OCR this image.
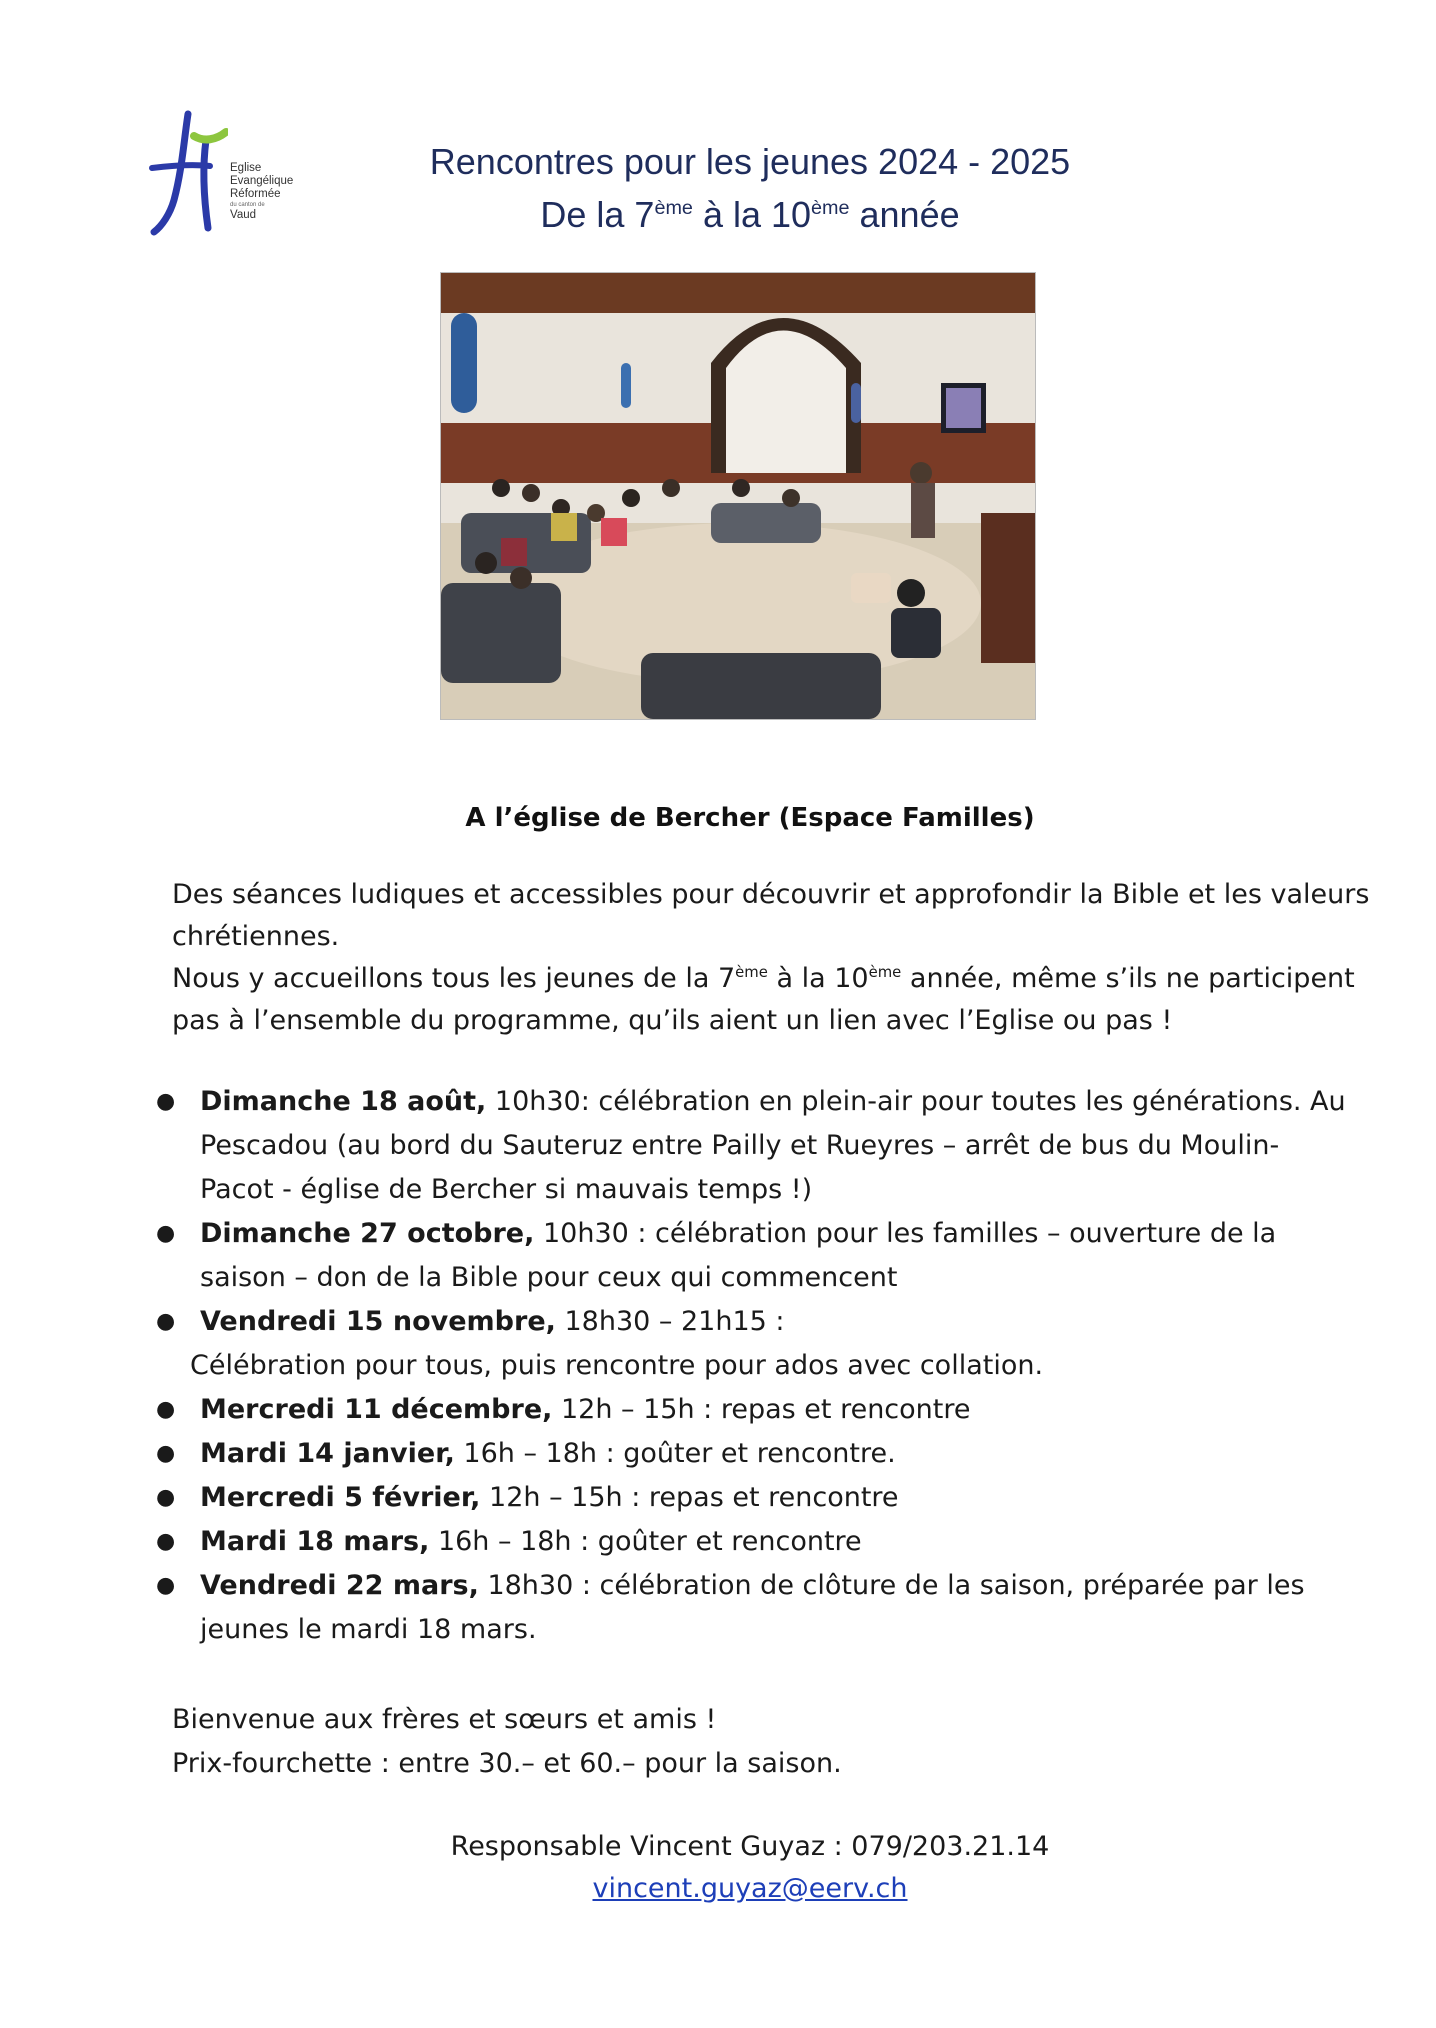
Eglise
Evangélique
Réformée

du canton de
Vaud
Rencontres pour les jeunes 2024 - 2025
De la 7ème à la 10ème année
A l’église de Bercher (Espace Familles)

Des séances ludiques et accessibles pour découvrir et approfondir la Bible et les valeurs chrétiennes.

Nous y accueillons tous les jeunes de la 7ème à la 10ème année, même s’ils ne participent pas à l’ensemble du programme, qu’ils aient un lien avec l’Eglise ou pas !

● Dimanche 18 août, 10h30: célébration en plein-air pour toutes les générations. Au Pescadou (au bord du Sauteruz entre Pailly et Rueyres – arrêt de bus du Moulin-Pacot - église de Bercher si mauvais temps !)
● Dimanche 27 octobre, 10h30 : célébration pour les familles – ouverture de la saison – don de la Bible pour ceux qui commencent
● Vendredi 15 novembre, 18h30 – 21h15 :
Célébration pour tous, puis rencontre pour ados avec collation.
● Mercredi 11 décembre, 12h – 15h : repas et rencontre
● Mardi 14 janvier, 16h – 18h : goûter et rencontre.
● Mercredi 5 février, 12h – 15h : repas et rencontre
● Mardi 18 mars, 16h – 18h : goûter et rencontre
● Vendredi 22 mars, 18h30 : célébration de clôture de la saison, préparée par les jeunes le mardi 18 mars.

Bienvenue aux frères et sœurs et amis !

Prix-fourchette : entre 30.– et 60.– pour la saison.

Responsable Vincent Guyaz : 079/203.21.14

vincent.guyaz@eerv.ch
